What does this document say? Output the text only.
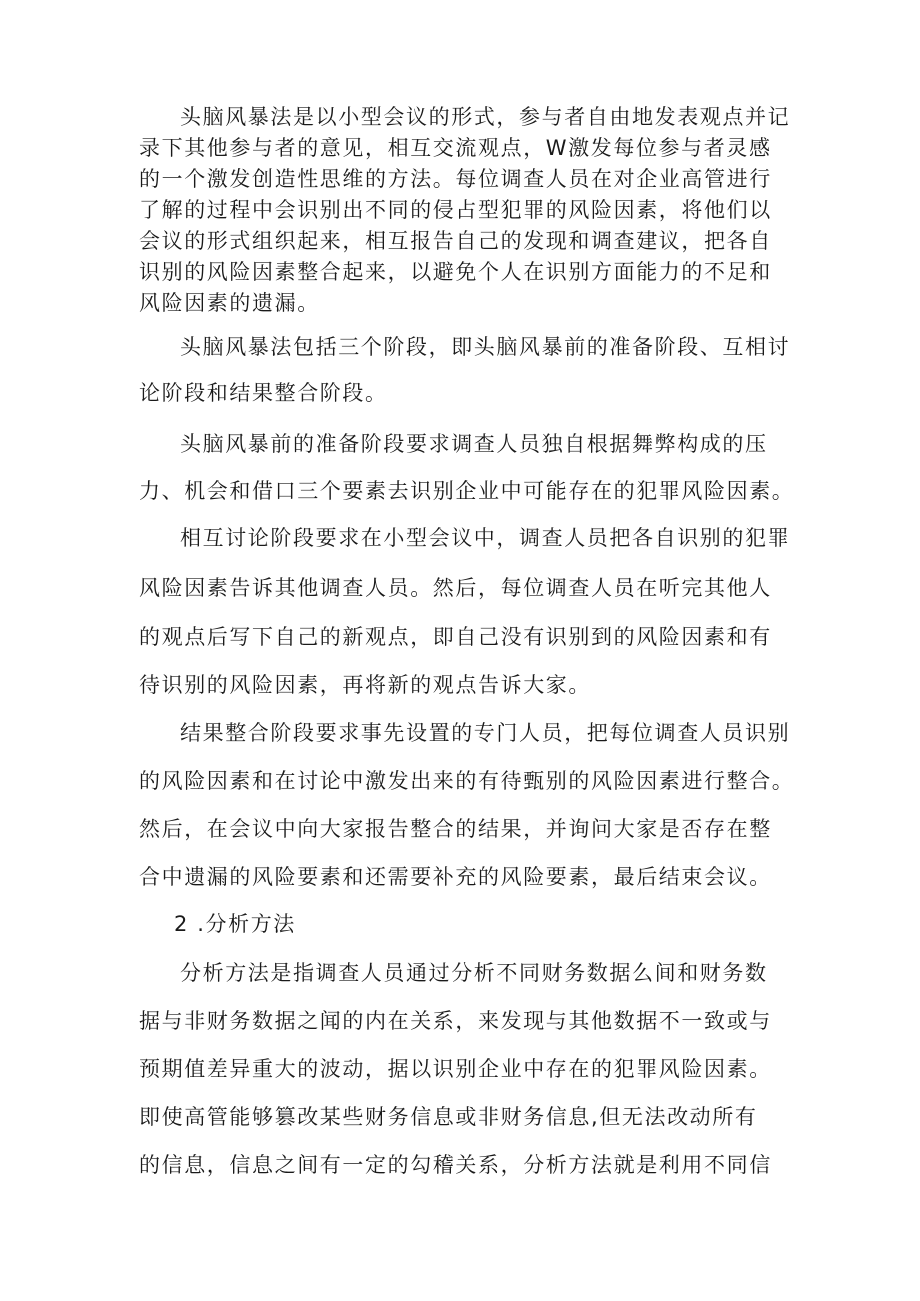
头脑风暴法是以小型会议的形式，参与者自由地发表观点并记
录下其他参与者的意见，相互交流观点，W激发每位参与者灵感
的一个激发创造性思维的方法。每位调查人员在对企业高管进行
了解的过程中会识别出不同的侵占型犯罪的风险因素，将他们以
会议的形式组织起来，相互报告自己的发现和调查建议，把各自
识别的风险因素整合起来，以避免个人在识别方面能力的不足和
风险因素的遗漏。
头脑风暴法包括三个阶段，即头脑风暴前的准备阶段、互相讨
论阶段和结果整合阶段。
头脑风暴前的准备阶段要求调查人员独自根据舞弊构成的压
力、机会和借口三个要素去识别企业中可能存在的犯罪风险因素。
相互讨论阶段要求在小型会议中，调查人员把各自识别的犯罪
风险因素告诉其他调查人员。然后，每位调查人员在听完其他人
的观点后写下自己的新观点，即自己没有识别到的风险因素和有
待识别的风险因素，再将新的观点告诉大家。
结果整合阶段要求事先设置的专门人员，把每位调查人员识别
的风险因素和在讨论中激发出来的有待甄别的风险因素进行整合。
然后，在会议中向大家报告整合的结果，并询问大家是否存在整
合中遗漏的风险要素和还需要补充的风险要素，最后结束会议。
2 .分析方法
分析方法是指调查人员通过分析不同财务数据么间和财务数
据与非财务数据之闻的内在关系，来发现与其他数据不一致或与
预期值差异重大的波动，据以识别企业中存在的犯罪风险因素。
即使高管能够篡改某些财务信息或非财务信息,但无法改动所有
的信息，信息之间有一定的勾稽关系，分析方法就是利用不同信
